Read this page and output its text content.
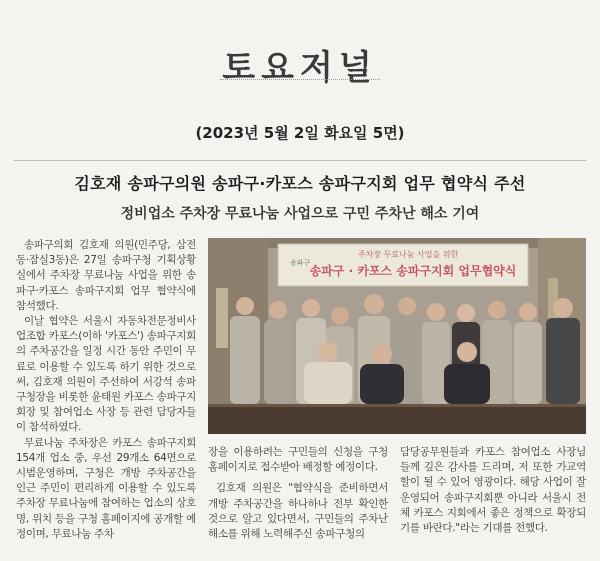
토요저널
(2023년 5월 2일 화요일 5면)
김호재 송파구의원 송파구·카포스 송파구지회 업무 협약식 주선
정비업소 주차장 무료나눔 사업으로 구민 주차난 해소 기여

송파구의회 김호재 의원(민주당, 삼전동·잠실3동)은 27일 송파구청 기획상황실에서 주차장 무료나눔 사업을 위한 송파구·카포스 송파구지회 업무 협약식에 참석했다.

이날 협약은 서울시 자동차전문정비사업조합 카포스(이하 '카포스') 송파구지회의 주차공간을 일정 시간 동안 주민이 무료로 이용할 수 있도록 하기 위한 것으로써, 김호재 의원이 주선하여 서강석 송파구청장을 비롯한 윤태원 카포스 송파구지회장 및 참여업소 사장 등 관련 담당자들이 참석하였다.

무료나눔 주차장은 카포스 송파구지회 154개 업소 중, 우선 29개소 64면으로 시범운영하며, 구청은 개방 주차공간을 인근 주민이 편리하게 이용할 수 있도록 주차장 무료나눔에 참여하는 업소의 상호명, 위치 등을 구청 홈페이지에 공개할 예정이며, 무료나눔 주차

주차장 무료나눔 사업을 위한
송파구 · 카포스 송파구지회 업무협약식
송파구

장을 이용하려는 구민들의 신청을 구청 홈페이지로 접수받아 배정할 예정이다.

김호재 의원은 "협약식을 준비하면서 개방 주차공간을 하나하나 전부 확인한 것으로 알고 있다면서, 구민들의 주차난 해소를 위해 노력해주신 송파구청의

담당공무원들과 카포스 참여업소 사장님들께 깊은 감사를 드리며, 저 또한 가교역할이 될 수 있어 영광이다. 해당 사업이 잘 운영되어 송파구지회뿐 아니라 서울시 전체 카포스 지회에서 좋은 정책으로 확장되기를 바란다."라는 기대를 전했다.
